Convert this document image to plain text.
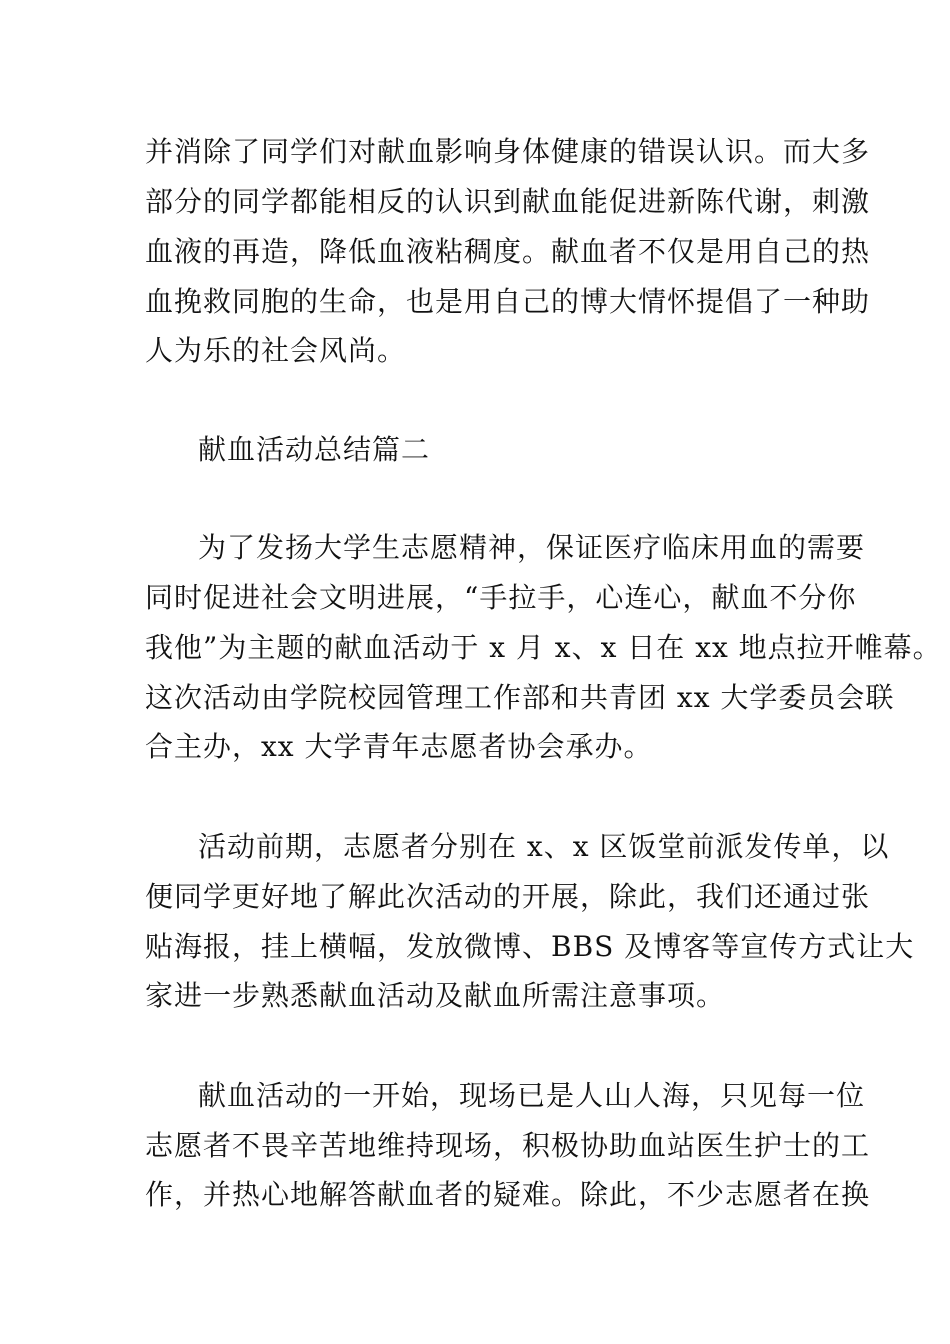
并消除了同学们对献血影响身体健康的错误认识。而大多
部分的同学都能相反的认识到献血能促进新陈代谢，刺激
血液的再造，降低血液粘稠度。献血者不仅是用自己的热
血挽救同胞的生命，也是用自己的博大情怀提倡了一种助
人为乐的社会风尚。
献血活动总结篇二
为了发扬大学生志愿精神，保证医疗临床用血的需要
同时促进社会文明进展，“手拉手，心连心，献血不分你
我他”为主题的献血活动于 x 月 x、x 日在 xx 地点拉开帷幕。
这次活动由学院校园管理工作部和共青团 xx 大学委员会联
合主办，xx 大学青年志愿者协会承办。
活动前期，志愿者分别在 x、x 区饭堂前派发传单，以
便同学更好地了解此次活动的开展，除此，我们还通过张
贴海报，挂上横幅，发放微博、BBS 及博客等宣传方式让大
家进一步熟悉献血活动及献血所需注意事项。
献血活动的一开始，现场已是人山人海，只见每一位
志愿者不畏辛苦地维持现场，积极协助血站医生护士的工
作，并热心地解答献血者的疑难。除此，不少志愿者在换
